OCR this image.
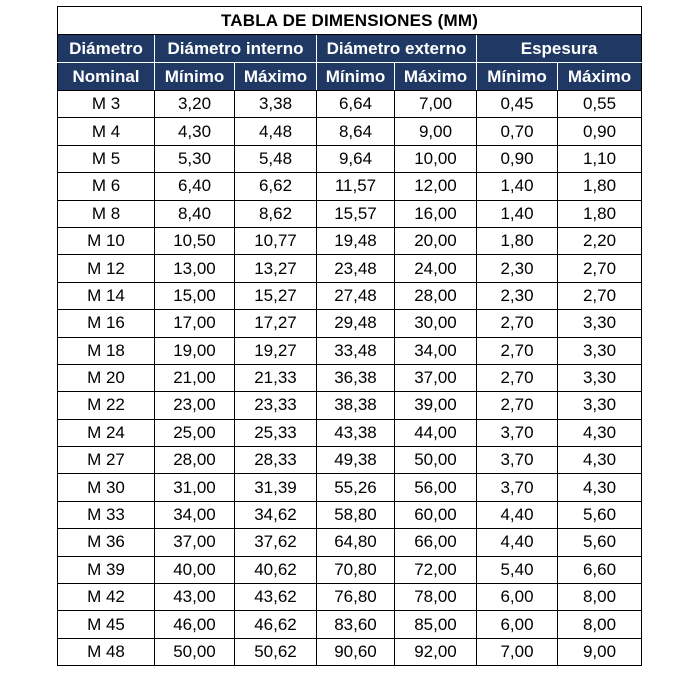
TABLA DE DIMENSIONES (MM)						
Diámetro	Diámetro interno		Diámetro externo		Espesura	
Nominal	Mínimo	Máximo	Mínimo	Máximo	Mínimo	Máximo
M 3	3,20	3,38	6,64	7,00	0,45	0,55
M 4	4,30	4,48	8,64	9,00	0,70	0,90
M 5	5,30	5,48	9,64	10,00	0,90	1,10
M 6	6,40	6,62	11,57	12,00	1,40	1,80
M 8	8,40	8,62	15,57	16,00	1,40	1,80
M 10	10,50	10,77	19,48	20,00	1,80	2,20
M 12	13,00	13,27	23,48	24,00	2,30	2,70
M 14	15,00	15,27	27,48	28,00	2,30	2,70
M 16	17,00	17,27	29,48	30,00	2,70	3,30
M 18	19,00	19,27	33,48	34,00	2,70	3,30
M 20	21,00	21,33	36,38	37,00	2,70	3,30
M 22	23,00	23,33	38,38	39,00	2,70	3,30
M 24	25,00	25,33	43,38	44,00	3,70	4,30
M 27	28,00	28,33	49,38	50,00	3,70	4,30
M 30	31,00	31,39	55,26	56,00	3,70	4,30
M 33	34,00	34,62	58,80	60,00	4,40	5,60
M 36	37,00	37,62	64,80	66,00	4,40	5,60
M 39	40,00	40,62	70,80	72,00	5,40	6,60
M 42	43,00	43,62	76,80	78,00	6,00	8,00
M 45	46,00	46,62	83,60	85,00	6,00	8,00
M 48	50,00	50,62	90,60	92,00	7,00	9,00
